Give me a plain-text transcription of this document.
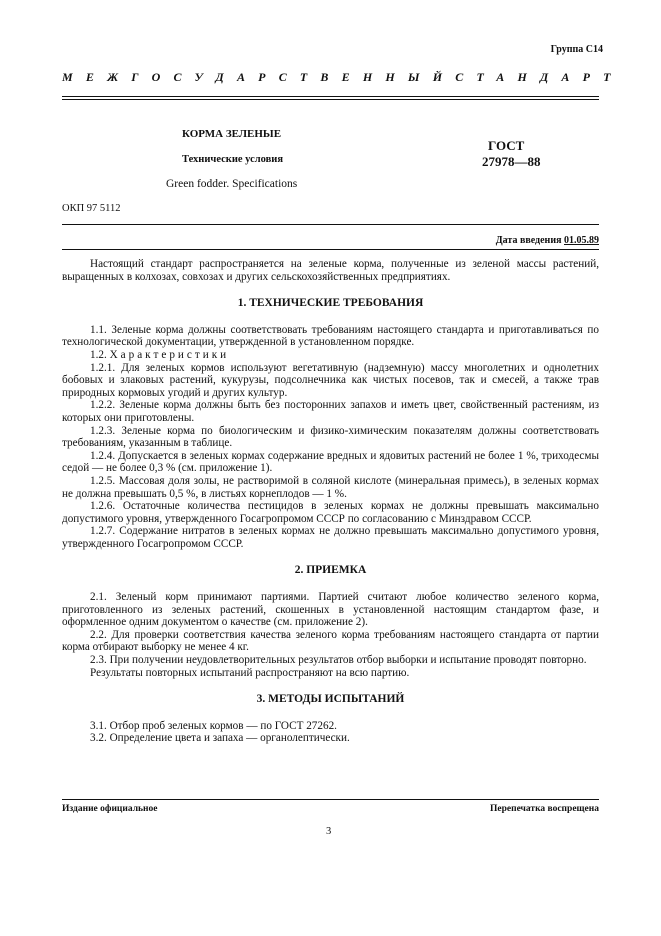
Группа С14
МЕЖГОСУДАРСТВЕННЫЙ СТАНДАРТ
КОРМА ЗЕЛЕНЫЕ
Технические условия
Green fodder. Specifications
ГОСТ
27978—88
ОКП 97 5112
Дата введения 01.05.89

Настоящий стандарт распространяется на зеленые корма, полученные из зеленой массы растений, выращенных в колхозах, совхозах и других сельскохозяйственных предприятиях.

1. ТЕХНИЧЕСКИЕ ТРЕБОВАНИЯ

1.1. Зеленые корма должны соответствовать требованиям настоящего стандарта и приготавливаться по технологической документации, утвержденной в установленном порядке.

1.2. Характеристики

1.2.1. Для зеленых кормов используют вегетативную (надземную) массу многолетних и однолетних бобовых и злаковых растений, кукурузы, подсолнечника как чистых посевов, так и смесей, а также трав природных кормовых угодий и других культур.

1.2.2. Зеленые корма должны быть без посторонних запахов и иметь цвет, свойственный растениям, из которых они приготовлены.

1.2.3. Зеленые корма по биологическим и физико-химическим показателям должны соответствовать требованиям, указанным в таблице.

1.2.4. Допускается в зеленых кормах содержание вредных и ядовитых растений не более 1 %, триходесмы седой — не более 0,3 % (см. приложение 1).

1.2.5. Массовая доля золы, не растворимой в соляной кислоте (минеральная примесь), в зеленых кормах не должна превышать 0,5 %, в листьях корнеплодов — 1 %.

1.2.6. Остаточные количества пестицидов в зеленых кормах не должны превышать максимально допустимого уровня, утвержденного Госагропромом СССР по согласованию с Минздравом СССР.

1.2.7. Содержание нитратов в зеленых кормах не должно превышать максимально допустимого уровня, утвержденного Госагропромом СССР.

2. ПРИЕМКА

2.1. Зеленый корм принимают партиями. Партией считают любое количество зеленого корма, приготовленного из зеленых растений, скошенных в установленной настоящим стандартом фазе, и оформленное одним документом о качестве (см. приложение 2).

2.2. Для проверки соответствия качества зеленого корма требованиям настоящего стандарта от партии корма отбирают выборку не менее 4 кг.

2.3. При получении неудовлетворительных результатов отбор выборки и испытание проводят повторно.

Результаты повторных испытаний распространяют на всю партию.

3. МЕТОДЫ ИСПЫТАНИЙ

3.1. Отбор проб зеленых кормов — по ГОСТ 27262.

3.2. Определение цвета и запаха — органолептически.

Издание официальное	Перепечатка воспрещена
3
